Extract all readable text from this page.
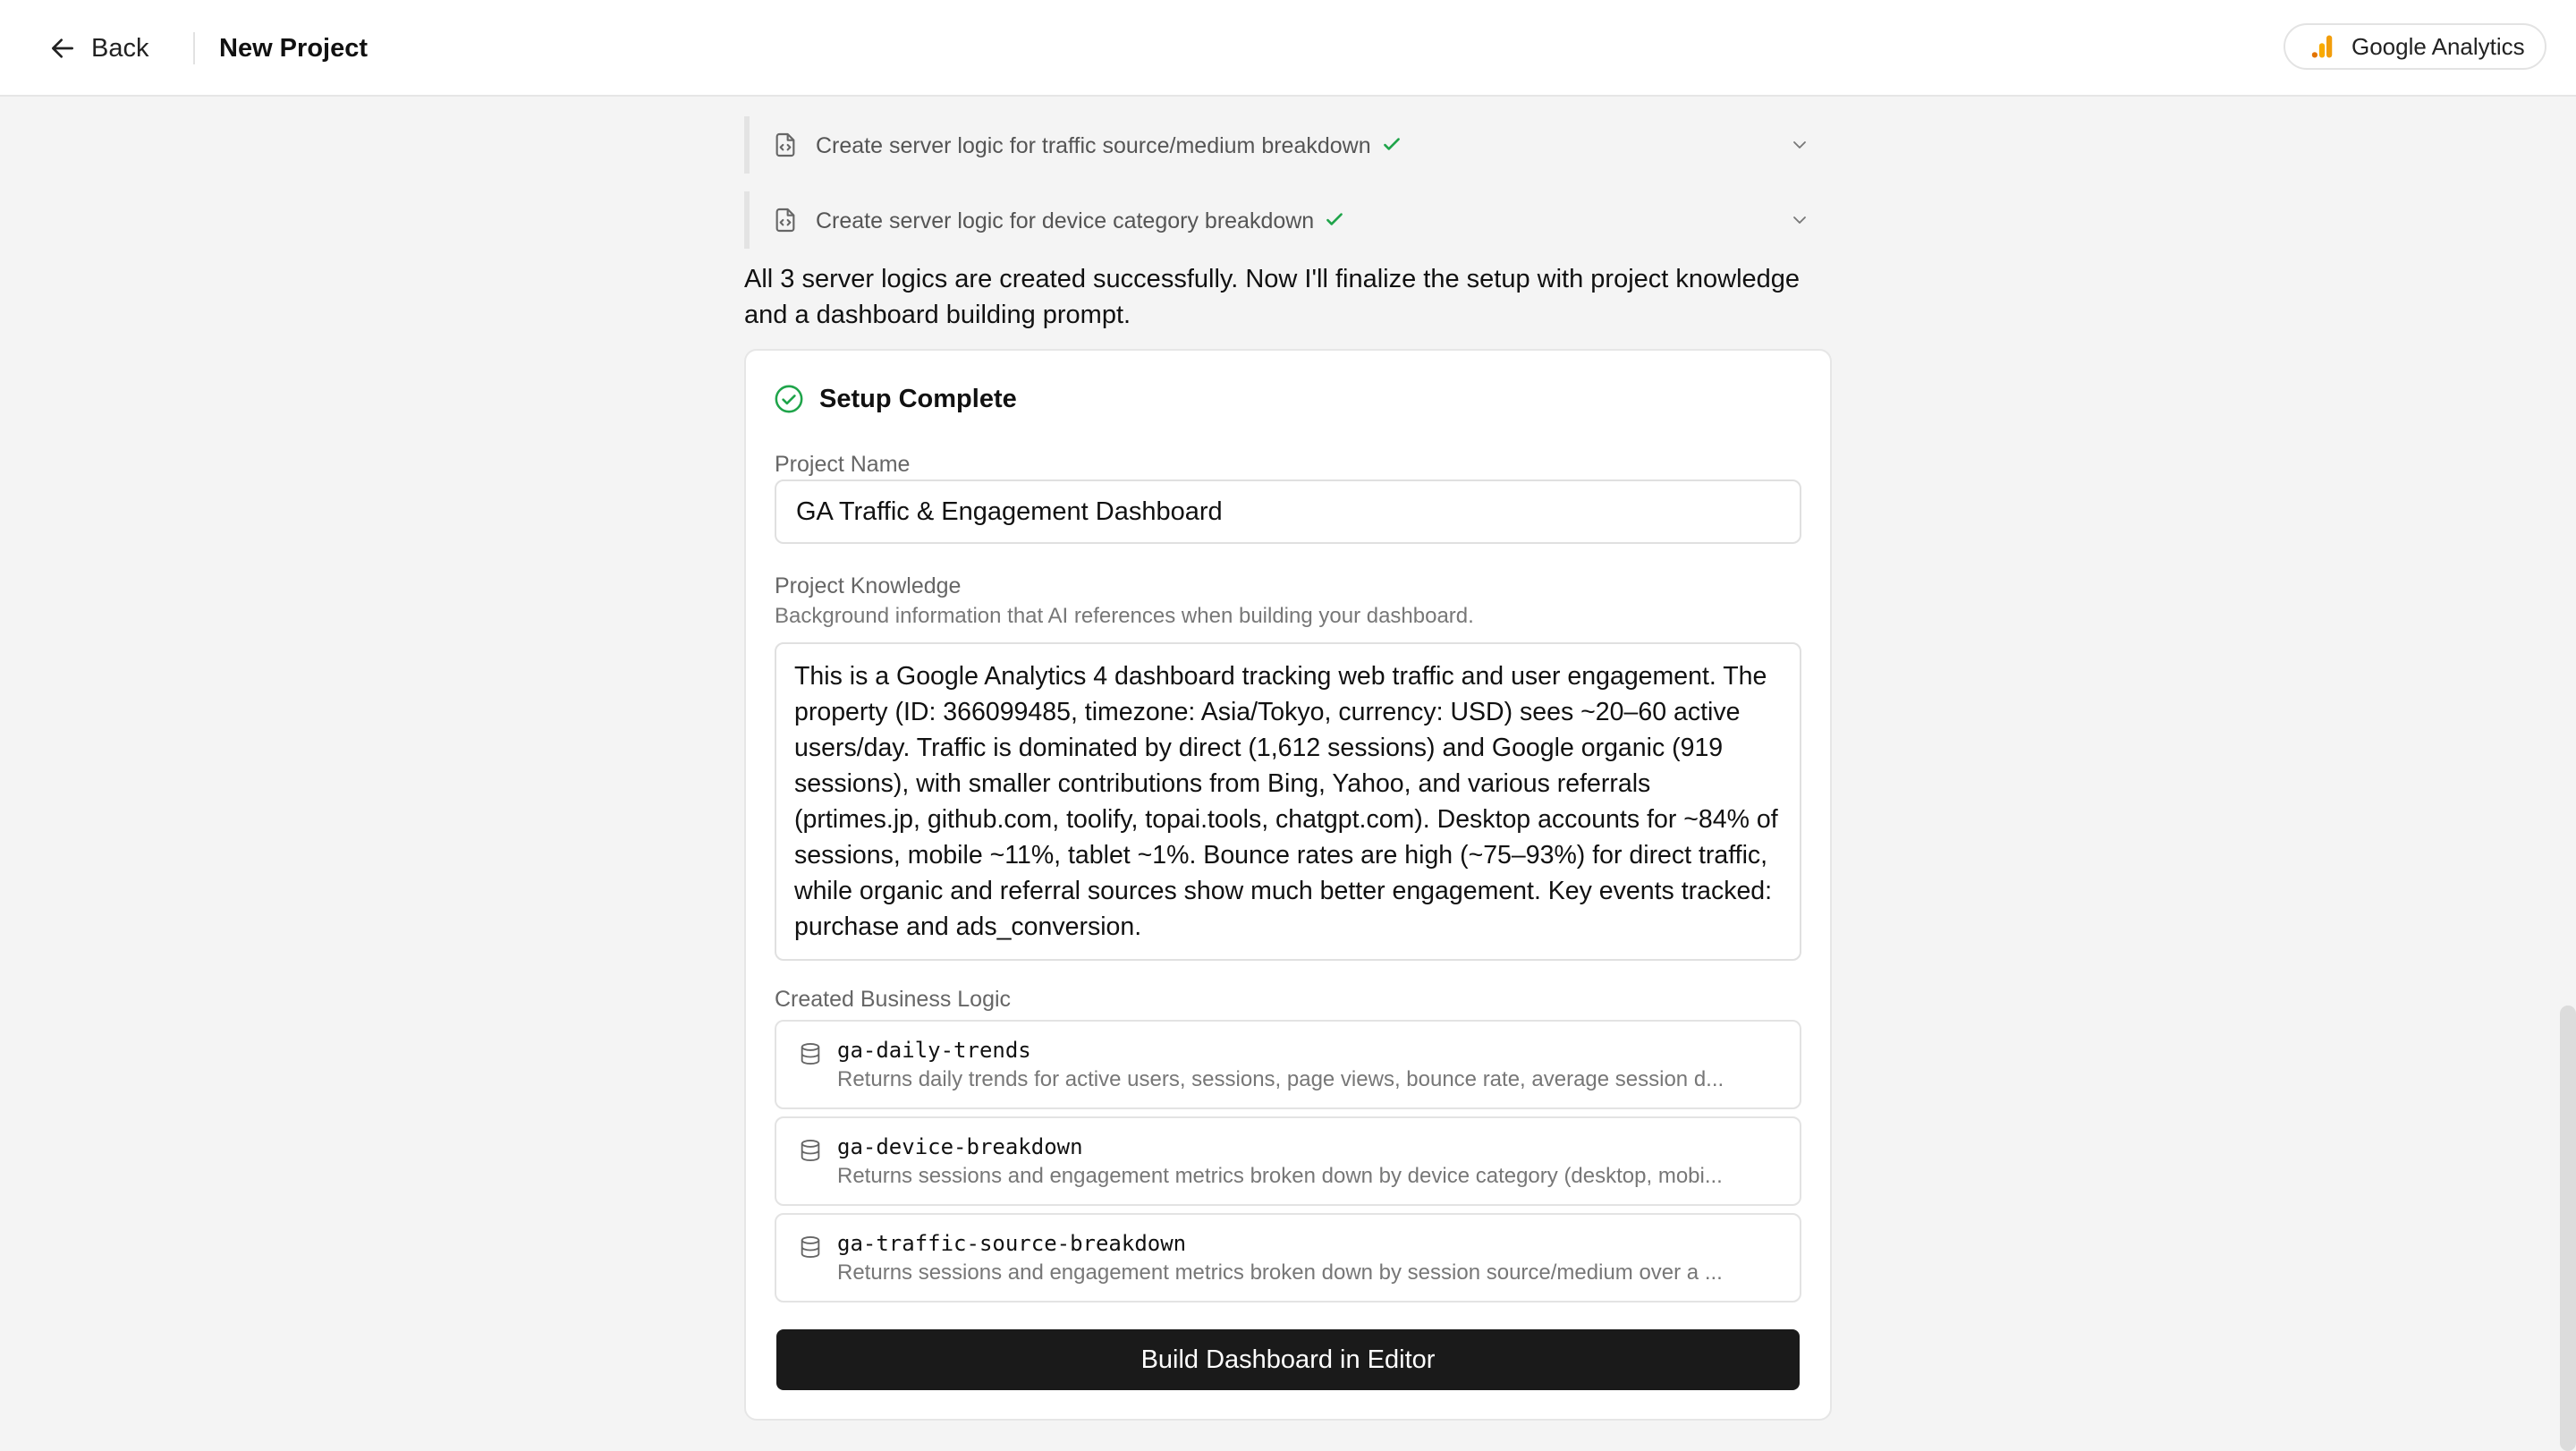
Back	New Project	Google Analytics
Create server logic for traffic source/medium breakdown
Create server logic for device category breakdown
All 3 server logics are created successfully. Now I'll finalize the setup with project knowledge and a dashboard building prompt.
Setup Complete
Project Name
GA Traffic & Engagement Dashboard
Project Knowledge
Background information that AI references when building your dashboard.
This is a Google Analytics 4 dashboard tracking web traffic and user engagement. The property (ID: 366099485, timezone: Asia/Tokyo, currency: USD) sees ~20–60 active users/day. Traffic is dominated by direct (1,612 sessions) and Google organic (919 sessions), with smaller contributions from Bing, Yahoo, and various referrals (prtimes.jp, github.com, toolify, topai.tools, chatgpt.com). Desktop accounts for ~84% of sessions, mobile ~11%, tablet ~1%. Bounce rates are high (~75–93%) for direct traffic, while organic and referral sources show much better engagement. Key events tracked: purchase and ads_conversion.
Created Business Logic
ga-daily-trends
Returns daily trends for active users, sessions, page views, bounce rate, average session d...
ga-device-breakdown
Returns sessions and engagement metrics broken down by device category (desktop, mobi...
ga-traffic-source-breakdown
Returns sessions and engagement metrics broken down by session source/medium over a ...
Build Dashboard in Editor
